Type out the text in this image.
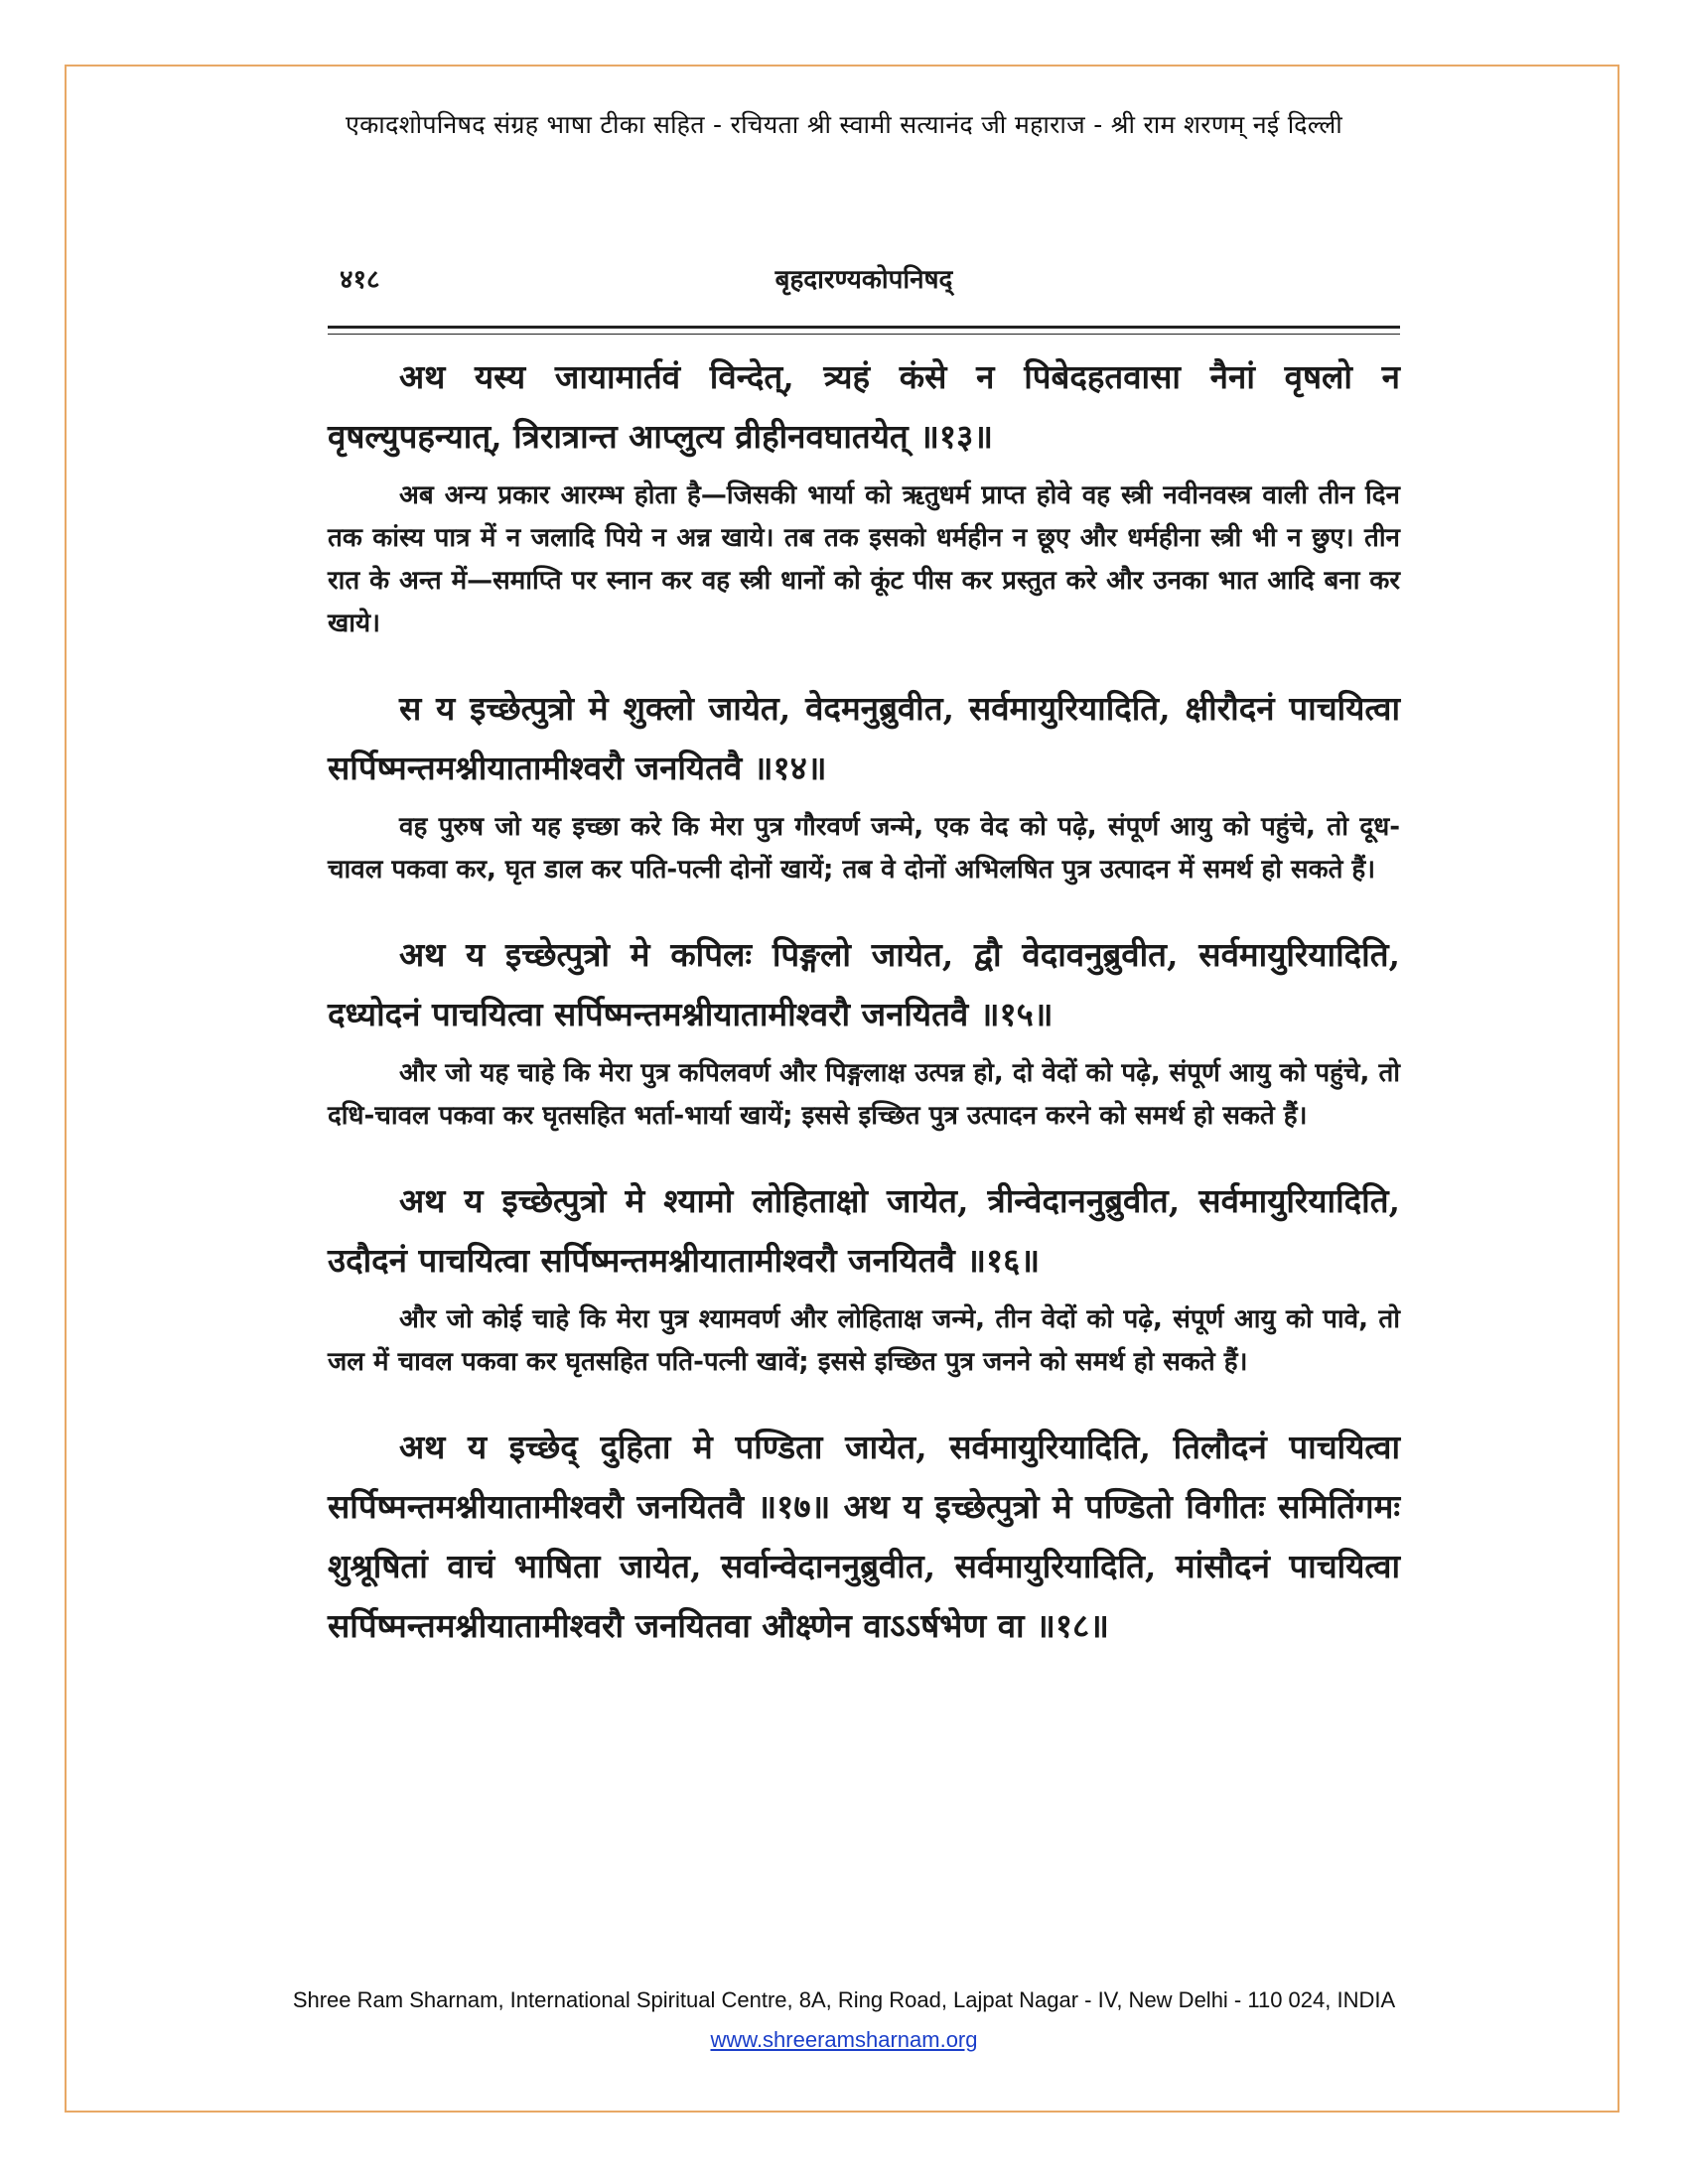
एकादशोपनिषद संग्रह भाषा टीका सहित - रचियता श्री स्वामी सत्यानंद जी महाराज - श्री राम शरणम् नई दिल्ली
बृहदारण्यकोपनिषद्
४१८

अथ यस्य जायामार्तवं विन्देत्, त्र्यहं कंसे न पिबेदहतवासा नैनां वृषलो न वृषल्युपहन्यात्, त्रिरात्रान्त आप्लुत्य व्रीहीनवघातयेत् ॥१३॥

अब अन्य प्रकार आरम्भ होता है—जिसकी भार्या को ऋतुधर्म प्राप्त होवे वह स्त्री नवीनवस्त्र वाली तीन दिन तक कांस्य पात्र में न जलादि पिये न अन्न खाये। तब तक इसको धर्महीन न छूए और धर्महीना स्त्री भी न छुए। तीन रात के अन्त में—समाप्ति पर स्नान कर वह स्त्री धानों को कूंट पीस कर प्रस्तुत करे और उनका भात आदि बना कर खाये।

स य इच्छेत्पुत्रो मे शुक्लो जायेत, वेदमनुब्रुवीत, सर्वमायुरियादिति, क्षीरौदनं पाचयित्वा सर्पिष्मन्तमश्नीयातामीश्वरौ जनयितवै ॥१४॥

वह पुरुष जो यह इच्छा करे कि मेरा पुत्र गौरवर्ण जन्मे, एक वेद को पढ़े, संपूर्ण आयु को पहुंचे, तो दूध-चावल पकवा कर, घृत डाल कर पति-पत्नी दोनों खायें; तब वे दोनों अभिलषित पुत्र उत्पादन में समर्थ हो सकते हैं।

अथ य इच्छेत्पुत्रो मे कपिलः पिङ्गलो जायेत, द्वौ वेदावनुब्रुवीत, सर्वमायुरियादिति, दध्योदनं पाचयित्वा सर्पिष्मन्तमश्नीयातामीश्वरौ जनयितवै ॥१५॥

और जो यह चाहे कि मेरा पुत्र कपिलवर्ण और पिङ्गलाक्ष उत्पन्न हो, दो वेदों को पढ़े, संपूर्ण आयु को पहुंचे, तो दधि-चावल पकवा कर घृतसहित भर्ता-भार्या खायें; इससे इच्छित पुत्र उत्पादन करने को समर्थ हो सकते हैं।

अथ य इच्छेत्पुत्रो मे श्यामो लोहिताक्षो जायेत, त्रीन्वेदाननुब्रुवीत, सर्वमायुरियादिति, उदौदनं पाचयित्वा सर्पिष्मन्तमश्नीयातामीश्वरौ जनयितवै ॥१६॥

और जो कोई चाहे कि मेरा पुत्र श्यामवर्ण और लोहिताक्ष जन्मे, तीन वेदों को पढ़े, संपूर्ण आयु को पावे, तो जल में चावल पकवा कर घृतसहित पति-पत्नी खावें; इससे इच्छित पुत्र जनने को समर्थ हो सकते हैं।

अथ य इच्छेद् दुहिता मे पण्डिता जायेत, सर्वमायुरियादिति, तिलौदनं पाचयित्वा सर्पिष्मन्तमश्नीयातामीश्वरौ जनयितवै ॥१७॥ अथ य इच्छेत्पुत्रो मे पण्डितो विगीतः समितिंगमः शुश्रूषितां वाचं भाषिता जायेत, सर्वान्वेदाननुब्रुवीत, सर्वमायुरियादिति, मांसौदनं पाचयित्वा सर्पिष्मन्तमश्नीयातामीश्वरौ जनयितवा औक्ष्णेन वाऽऽर्षभेण वा ॥१८॥

Shree Ram Sharnam, International Spiritual Centre, 8A, Ring Road, Lajpat Nagar - IV, New Delhi - 110 024, INDIA
www.shreeramsharnam.org
